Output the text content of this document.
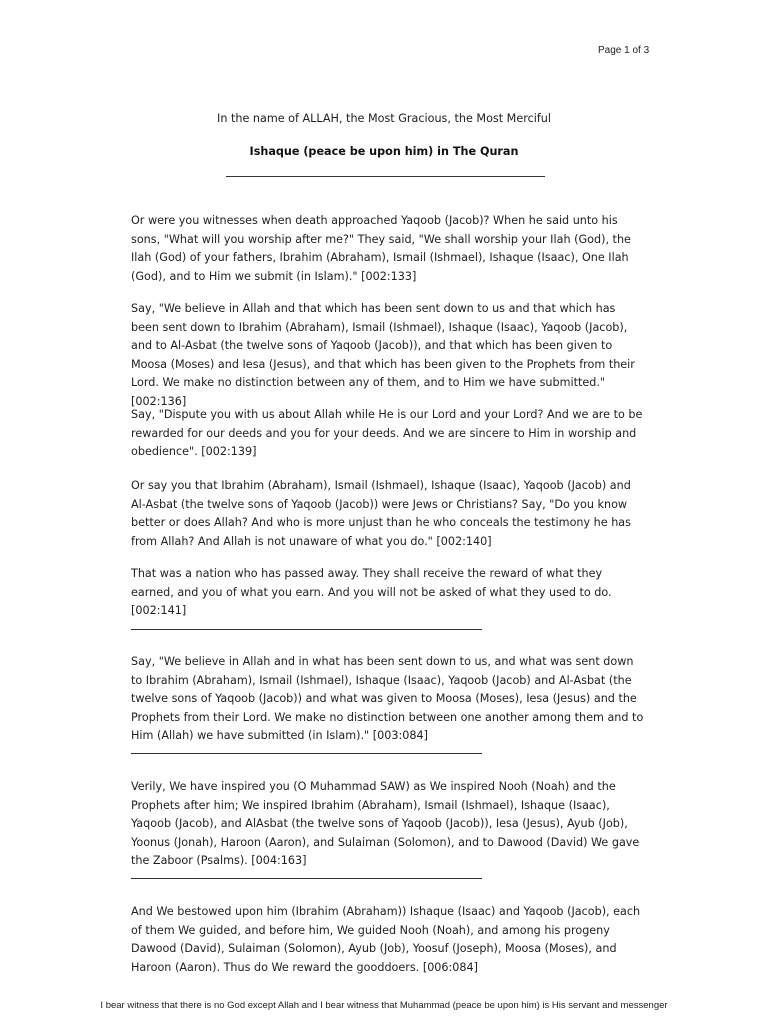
Page 1 of 3
In the name of ALLAH, the Most Gracious, the Most Merciful
Ishaque (peace be upon him) in The Quran

Or were you witnesses when death approached Yaqoob (Jacob)? When he said unto his sons, "What will you worship after me?" They said, "We shall worship your Ilah (God), the Ilah (God) of your fathers, Ibrahim (Abraham), Ismail (Ishmael), Ishaque (Isaac), One Ilah (God), and to Him we submit (in Islam)." [002:133]

Say, "We believe in Allah and that which has been sent down to us and that which has been sent down to Ibrahim (Abraham), Ismail (Ishmael), Ishaque (Isaac), Yaqoob (Jacob), and to Al-Asbat (the twelve sons of Yaqoob (Jacob)), and that which has been given to Moosa (Moses) and Iesa (Jesus), and that which has been given to the Prophets from their Lord. We make no distinction between any of them, and to Him we have submitted." [002:136]

Say, "Dispute you with us about Allah while He is our Lord and your Lord? And we are to be rewarded for our deeds and you for your deeds. And we are sincere to Him in worship and obedience". [002:139]

Or say you that Ibrahim (Abraham), Ismail (Ishmael), Ishaque (Isaac), Yaqoob (Jacob) and Al-Asbat (the twelve sons of Yaqoob (Jacob)) were Jews or Christians? Say, "Do you know better or does Allah? And who is more unjust than he who conceals the testimony he has from Allah? And Allah is not unaware of what you do." [002:140]

That was a nation who has passed away. They shall receive the reward of what they earned, and you of what you earn. And you will not be asked of what they used to do. [002:141]

Say, "We believe in Allah and in what has been sent down to us, and what was sent down to Ibrahim (Abraham), Ismail (Ishmael), Ishaque (Isaac), Yaqoob (Jacob) and Al-Asbat (the twelve sons of Yaqoob (Jacob)) and what was given to Moosa (Moses), Iesa (Jesus) and the Prophets from their Lord. We make no distinction between one another among them and to Him (Allah) we have submitted (in Islam)." [003:084]

Verily, We have inspired you (O Muhammad SAW) as We inspired Nooh (Noah) and the Prophets after him; We inspired Ibrahim (Abraham), Ismail (Ishmael), Ishaque (Isaac), Yaqoob (Jacob), and AlAsbat (the twelve sons of Yaqoob (Jacob)), Iesa (Jesus), Ayub (Job), Yoonus (Jonah), Haroon (Aaron), and Sulaiman (Solomon), and to Dawood (David) We gave the Zaboor (Psalms). [004:163]

And We bestowed upon him (Ibrahim (Abraham)) Ishaque (Isaac) and Yaqoob (Jacob), each of them We guided, and before him, We guided Nooh (Noah), and among his progeny Dawood (David), Sulaiman (Solomon), Ayub (Job), Yoosuf (Joseph), Moosa (Moses), and Haroon (Aaron). Thus do We reward the gooddoers. [006:084]

I bear witness that there is no God except Allah and I bear witness that Muhammad (peace be upon him) is His servant and messenger
